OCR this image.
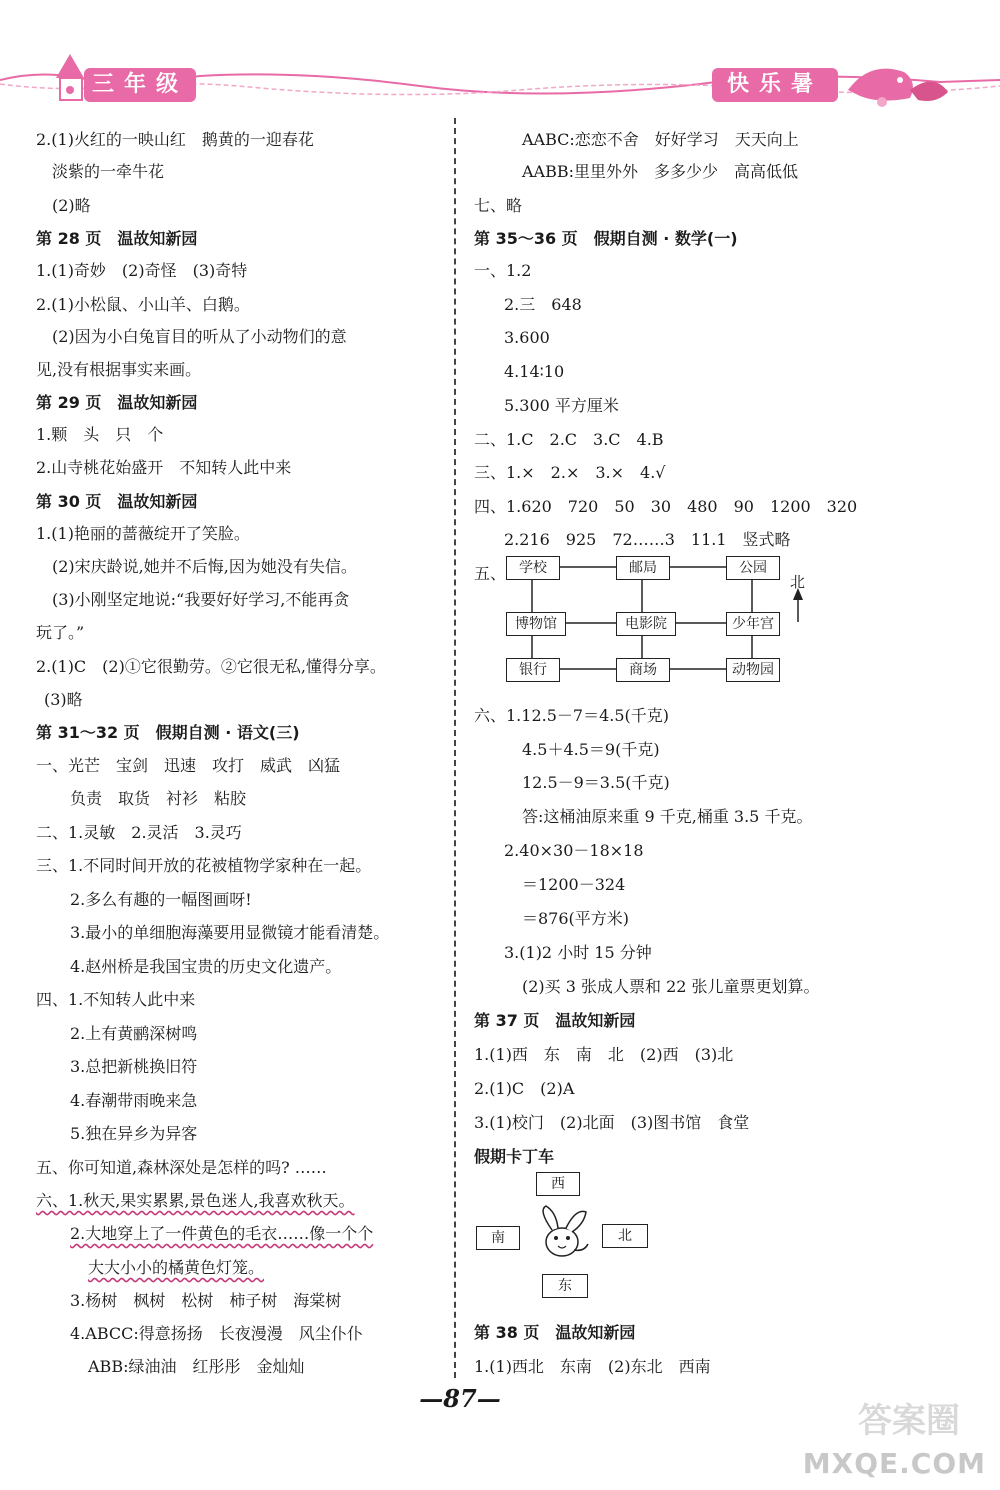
三年级	快乐暑假
2.(1)火红的一映山红　鹅黄的一迎春花
淡紫的一牵牛花
(2)略
第 28 页　温故知新园
1.(1)奇妙　(2)奇怪　(3)奇特
2.(1)小松鼠、小山羊、白鹅。
(2)因为小白兔盲目的听从了小动物们的意
见,没有根据事实来画。
第 29 页　温故知新园
1.颗　头　只　个
2.山寺桃花始盛开　不知转人此中来
第 30 页　温故知新园
1.(1)艳丽的蔷薇绽开了笑脸。
(2)宋庆龄说,她并不后悔,因为她没有失信。
(3)小刚坚定地说:“我要好好学习,不能再贪
玩了。”
2.(1)C　(2)①它很勤劳。②它很无私,懂得分享。
(3)略
第 31～32 页　假期自测 · 语文(三)
一、光芒　宝剑　迅速　攻打　威武　凶猛
负责　取货　衬衫　粘胶
二、1.灵敏　2.灵活　3.灵巧
三、1.不同时间开放的花被植物学家种在一起。
2.多么有趣的一幅图画呀!
3.最小的单细胞海藻要用显微镜才能看清楚。
4.赵州桥是我国宝贵的历史文化遗产。
四、1.不知转人此中来
2.上有黄鹂深树鸣
3.总把新桃换旧符
4.春潮带雨晚来急
5.独在异乡为异客
五、你可知道,森林深处是怎样的吗? ……
六、1.秋天,果实累累,景色迷人,我喜欢秋天。
2.大地穿上了一件黄色的毛衣……像一个个
大大小小的橘黄色灯笼。
3.杨树　枫树　松树　柿子树　海棠树
4.ABCC:得意扬扬　长夜漫漫　风尘仆仆
ABB:绿油油　红彤彤　金灿灿
AABC:恋恋不舍　好好学习　天天向上
AABB:里里外外　多多少少　高高低低
七、略
第 35～36 页　假期自测 · 数学(一)
一、1.2
2.三　648
3.600
4.14∶10
5.300 平方厘米
二、1.C　2.C　3.C　4.B
三、1.×　2.×　3.×　4.√
四、1.620　720　50　30　480　90　1200　320
2.216　925　72……3　11.1　竖式略
五、
六、1.12.5－7＝4.5(千克)
4.5＋4.5＝9(千克)
12.5－9＝3.5(千克)
答:这桶油原来重 9 千克,桶重 3.5 千克。
2.40×30－18×18
＝1200－324
＝876(平方米)
3.(1)2 小时 15 分钟
(2)买 3 张成人票和 22 张儿童票更划算。
第 37 页　温故知新园
1.(1)西　东　南　北　(2)西　(3)北
2.(1)C　(2)A
3.(1)校门　(2)北面　(3)图书馆　食堂
假期卡丁车
第 38 页　温故知新园
1.(1)西北　东南　(2)东北　西南
学校	邮局	公园
博物馆	电影院	少年宫
银行	商场	动物园
北
西
南	北
东
—87—
答案圈
MXQE.COM
